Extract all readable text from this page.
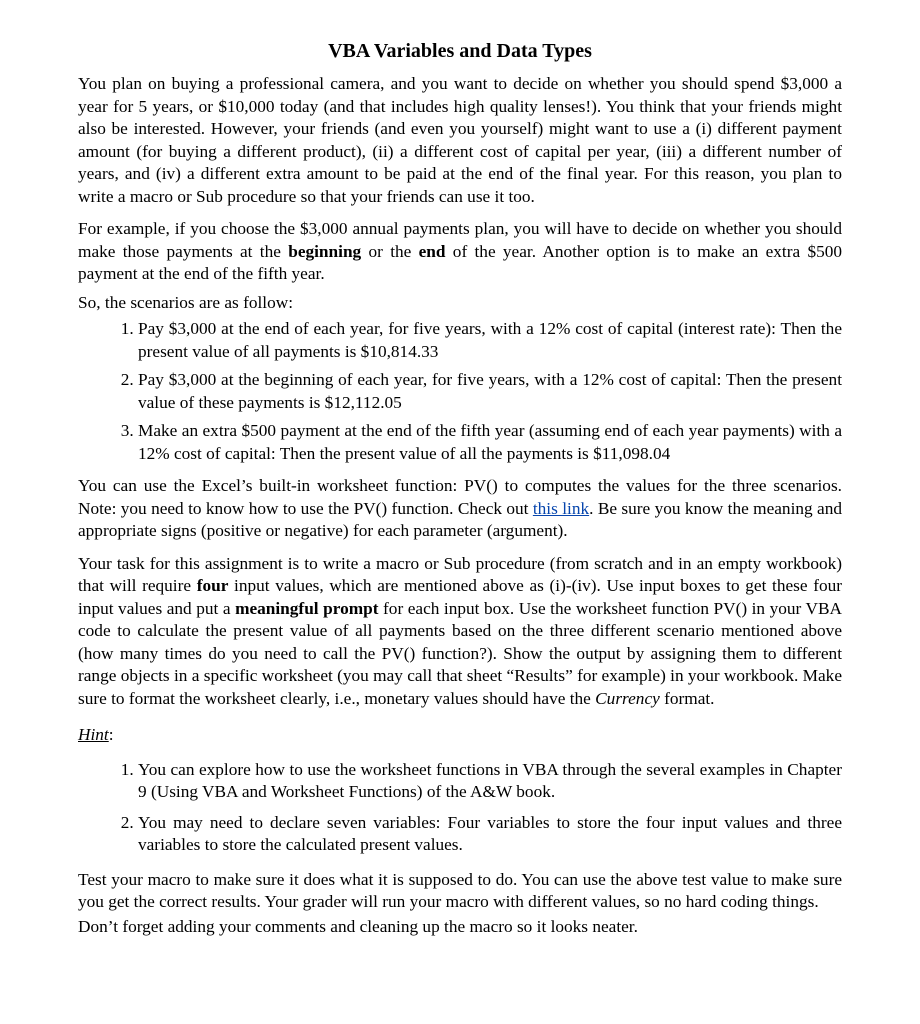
VBA Variables and Data Types

You plan on buying a professional camera, and you want to decide on whether you should spend $3,000 a year for 5 years, or $10,000 today (and that includes high quality lenses!). You think that your friends might also be interested. However, your friends (and even you yourself) might want to use a (i) different payment amount (for buying a different product), (ii) a different cost of capital per year, (iii) a different number of years, and (iv) a different extra amount to be paid at the end of the final year. For this reason, you plan to write a macro or Sub procedure so that your friends can use it too.

For example, if you choose the $3,000 annual payments plan, you will have to decide on whether you should make those payments at the beginning or the end of the year. Another option is to make an extra $500 payment at the end of the fifth year.

So, the scenarios are as follow:

1. Pay $3,000 at the end of each year, for five years, with a 12% cost of capital (interest rate): Then the present value of all payments is $10,814.33
2. Pay $3,000 at the beginning of each year, for five years, with a 12% cost of capital: Then the present value of these payments is $12,112.05
3. Make an extra $500 payment at the end of the fifth year (assuming end of each year payments) with a 12% cost of capital: Then the present value of all the payments is $11,098.04

You can use the Excel’s built-in worksheet function: PV() to computes the values for the three scenarios. Note: you need to know how to use the PV() function. Check out this link. Be sure you know the meaning and appropriate signs (positive or negative) for each parameter (argument).

Your task for this assignment is to write a macro or Sub procedure (from scratch and in an empty workbook) that will require four input values, which are mentioned above as (i)-(iv). Use input boxes to get these four input values and put a meaningful prompt for each input box. Use the worksheet function PV() in your VBA code to calculate the present value of all payments based on the three different scenario mentioned above (how many times do you need to call the PV() function?). Show the output by assigning them to different range objects in a specific worksheet (you may call that sheet “Results” for example) in your workbook. Make sure to format the worksheet clearly, i.e., monetary values should have the Currency format.

Hint:

1. You can explore how to use the worksheet functions in VBA through the several examples in Chapter 9 (Using VBA and Worksheet Functions) of the A&W book.
2. You may need to declare seven variables: Four variables to store the four input values and three variables to store the calculated present values.

Test your macro to make sure it does what it is supposed to do. You can use the above test value to make sure you get the correct results. Your grader will run your macro with different values, so no hard coding things.

Don’t forget adding your comments and cleaning up the macro so it looks neater.
